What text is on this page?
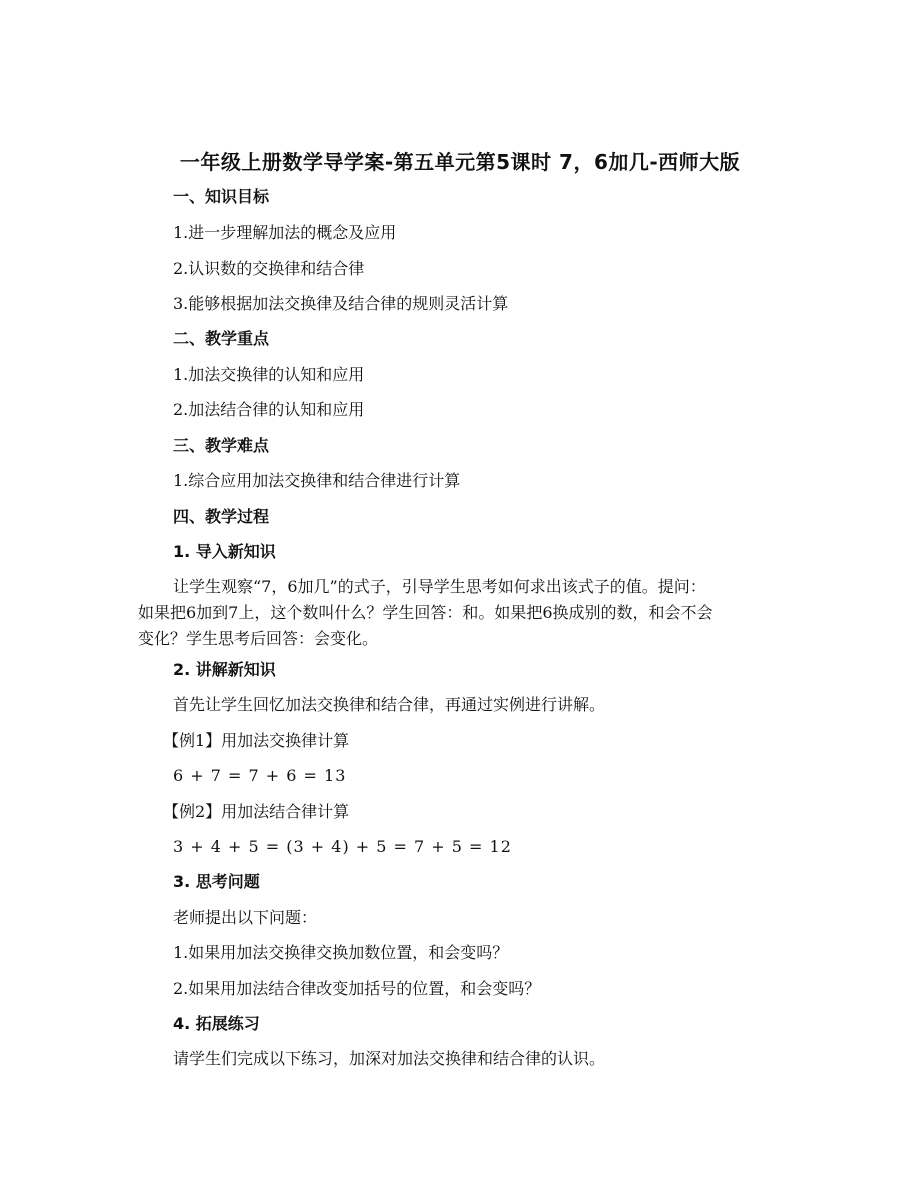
一年级上册数学导学案-第五单元第5课时 7，6加几-西师大版
一、知识目标
1.进一步理解加法的概念及应用
2.认识数的交换律和结合律
3.能够根据加法交换律及结合律的规则灵活计算
二、教学重点
1.加法交换律的认知和应用
2.加法结合律的认知和应用
三、教学难点
1.综合应用加法交换律和结合律进行计算
四、教学过程
1. 导入新知识
让学生观察“7，6加几”的式子，引导学生思考如何求出该式子的值。提问：
如果把6加到7上，这个数叫什么？学生回答：和。如果把6换成别的数，和会不会
变化？学生思考后回答：会变化。
2. 讲解新知识
首先让学生回忆加法交换律和结合律，再通过实例进行讲解。
【例1】用加法交换律计算
6 + 7 = 7 + 6 = 13
【例2】用加法结合律计算
3 + 4 + 5 = (3 + 4) + 5 = 7 + 5 = 12
3. 思考问题
老师提出以下问题：
1.如果用加法交换律交换加数位置，和会变吗？
2.如果用加法结合律改变加括号的位置，和会变吗？
4. 拓展练习
请学生们完成以下练习，加深对加法交换律和结合律的认识。
